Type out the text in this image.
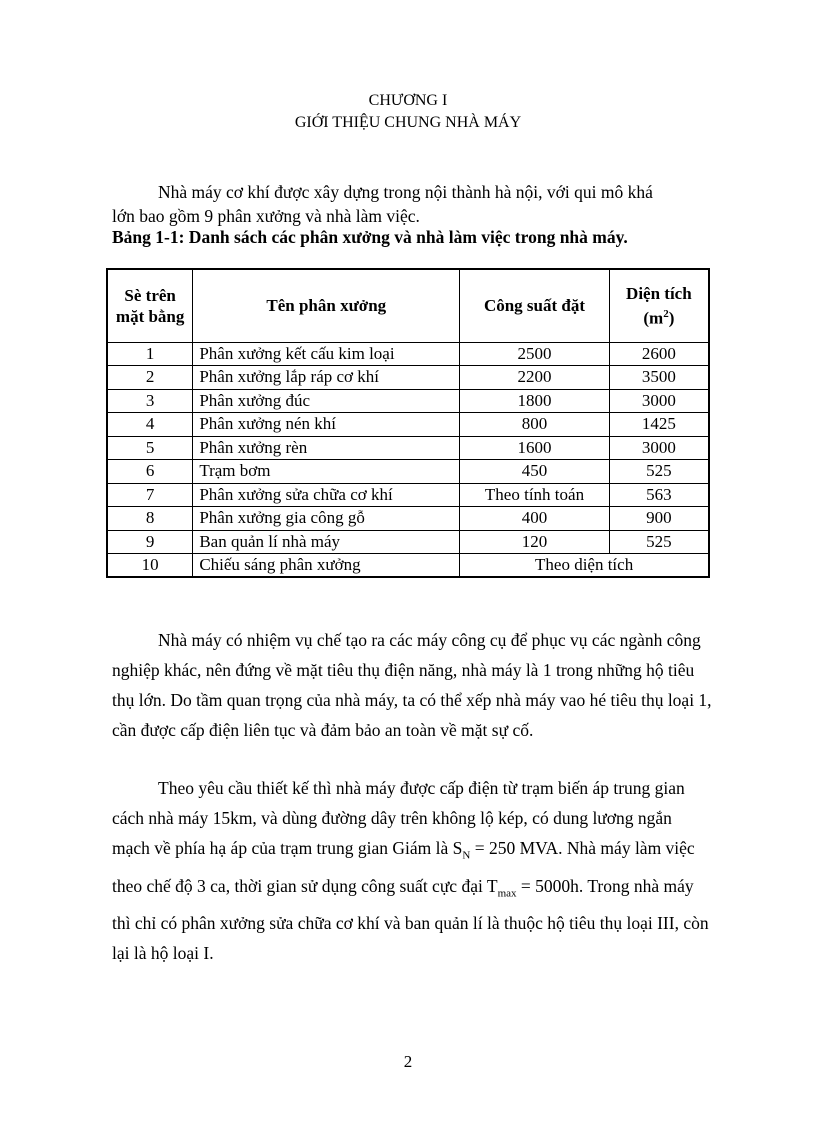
CHƯƠNG I
GIỚI THIỆU CHUNG NHÀ MÁY
Nhà máy cơ khí được xây dựng trong nội thành hà nội, với qui mô khá
lớn bao gồm 9 phân xưởng và nhà làm việc.
Bảng 1-1: Danh sách các phân xưởng và nhà làm việc trong nhà máy.
Sè trên mặt bằng	Tên phân xưởng	Công suất đặt	Diện tích
$(m^2)$
1	Phân xưởng kết cấu kim loại	2500	2600
2	Phân xưởng lắp ráp cơ khí	2200	3500
3	Phân xưởng đúc	1800	3000
4	Phân xưởng nén khí	800	1425
5	Phân xưởng rèn	1600	3000
6	Trạm bơm	450	525
7	Phân xưởng sửa chữa cơ khí	Theo tính toán	563
8	Phân xưởng gia công gỗ	400	900
9	Ban quản lí nhà máy	120	525
10	Chiếu sáng phân xưởng	Theo diện tích	

Nhà máy có nhiệm vụ chế tạo ra các máy công cụ để phục vụ các ngành công nghiệp khác, nên đứng về mặt tiêu thụ điện năng, nhà máy là 1 trong những hộ tiêu thụ lớn. Do tầm quan trọng của nhà máy, ta có thể xếp nhà máy vao hé tiêu thụ loại 1, cần được cấp điện liên tục và đảm bảo an toàn về mặt sự cố.

Theo yêu cầu thiết kế thì nhà máy được cấp điện từ trạm biến áp trung gian cách nhà máy 15km, và dùng đường dây trên không lộ kép, có dung lương ngắn mạch về phía hạ áp của trạm trung gian Giám là $S_N = 250$ MVA. Nhà máy làm việc theo chế độ 3 ca, thời gian sử dụng công suất cực đại $T_{max} = 5000h$. Trong nhà máy thì chỉ có phân xưởng sửa chữa cơ khí và ban quản lí là thuộc hộ tiêu thụ loại III, còn lại là hộ loại I.

2
